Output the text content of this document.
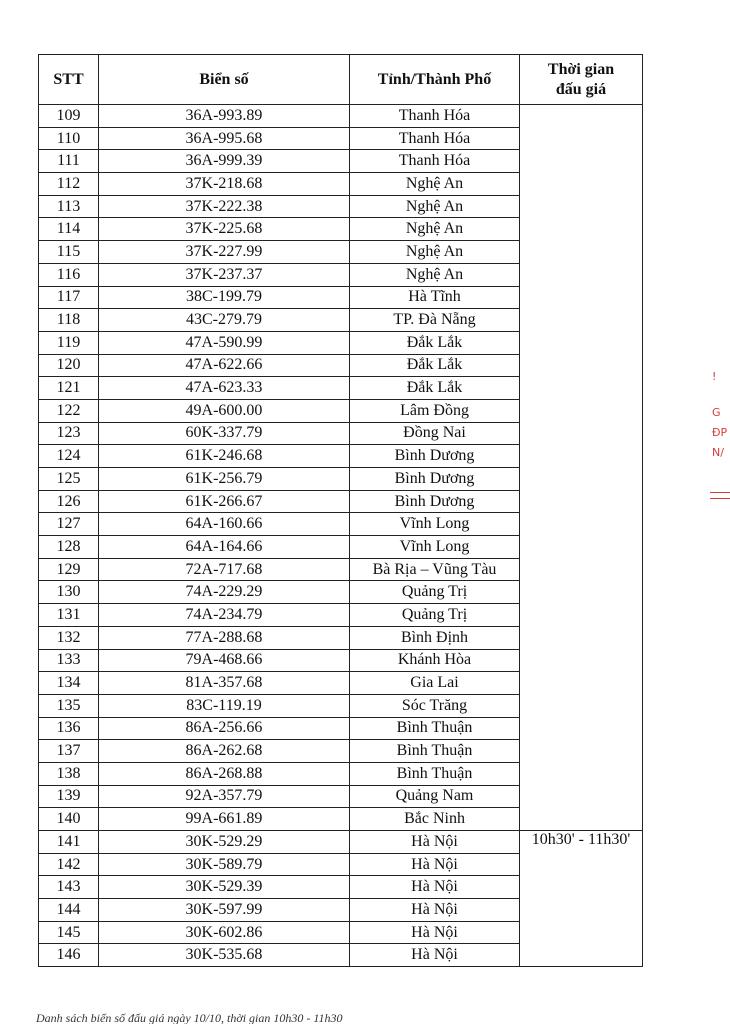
STT	Biển số	Tỉnh/Thành Phố	Thời gian
đấu giá

109	36A-993.89	Thanh Hóa	
110	36A-995.68	Thanh Hóa	
111	36A-999.39	Thanh Hóa	
112	37K-218.68	Nghệ An	
113	37K-222.38	Nghệ An	
114	37K-225.68	Nghệ An	
115	37K-227.99	Nghệ An	
116	37K-237.37	Nghệ An	
117	38C-199.79	Hà Tĩnh	
118	43C-279.79	TP. Đà Nẵng	
119	47A-590.99	Đắk Lắk	
120	47A-622.66	Đắk Lắk	
121	47A-623.33	Đắk Lắk	
122	49A-600.00	Lâm Đồng	
123	60K-337.79	Đồng Nai	
124	61K-246.68	Bình Dương	
125	61K-256.79	Bình Dương	
126	61K-266.67	Bình Dương	
127	64A-160.66	Vĩnh Long	
128	64A-164.66	Vĩnh Long	
129	72A-717.68	Bà Rịa – Vũng Tàu	
130	74A-229.29	Quảng Trị	
131	74A-234.79	Quảng Trị	
132	77A-288.68	Bình Định	
133	79A-468.66	Khánh Hòa	
134	81A-357.68	Gia Lai	
135	83C-119.19	Sóc Trăng	
136	86A-256.66	Bình Thuận	
137	86A-262.68	Bình Thuận	
138	86A-268.88	Bình Thuận	
139	92A-357.79	Quảng Nam	
140	99A-661.89	Bắc Ninh	
141	30K-529.29	Hà Nội	10h30' - 11h30'
142	30K-589.79	Hà Nội	
143	30K-529.39	Hà Nội	
144	30K-597.99	Hà Nội	
145	30K-602.86	Hà Nội	
146	30K-535.68	Hà Nội	
!
G
ĐP
N/
Danh sách biển số đấu giá ngày 10/10, thời gian 10h30 - 11h30
